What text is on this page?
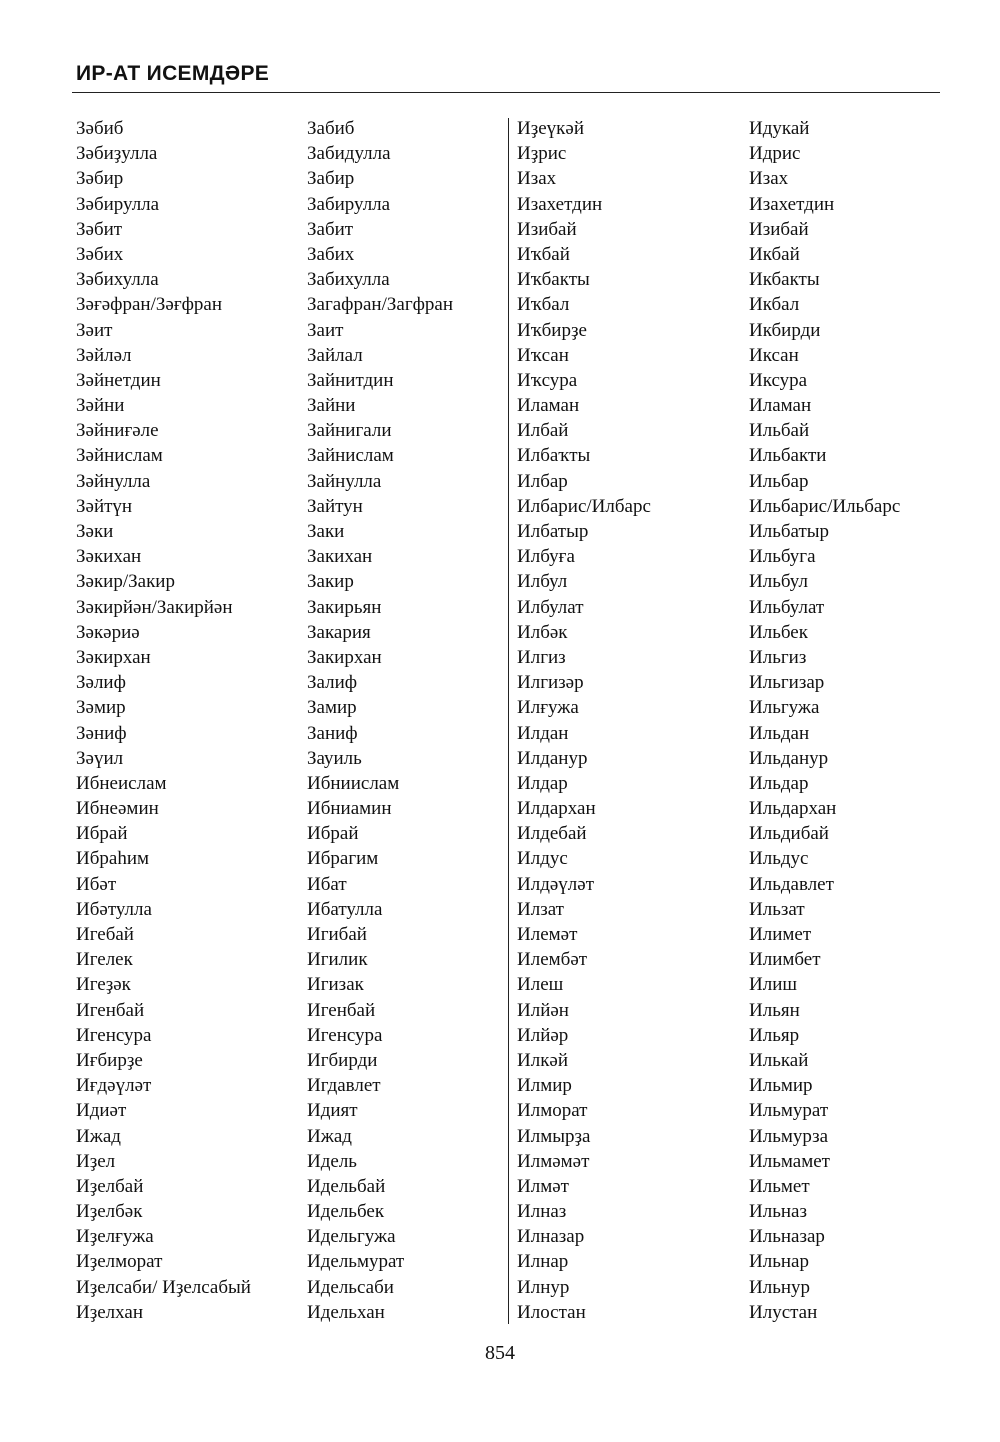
ИР-АТ ИСЕМДӘРЕ
Зәбиб
Зәбиҙулла
Зәбир
Зәбирулла
Зәбит
Зәбих
Зәбихулла
Зәғәфран/Зәғфран
Зәит
Зәйләл
Зәйнетдин
Зәйни
Зәйниғәле
Зәйнислам
Зәйнулла
Зәйтүн
Зәки
Зәкихан
Зәкир/Закир
Зәкирйән/Закирйән
Зәкәриә
Зәкирхан
Зәлиф
Зәмир
Зәниф
Зәүил
Ибнеислам
Ибнеәмин
Ибрай
Ибраһим
Ибәт
Ибәтулла
Игебай
Игелек
Игеҙәк
Игенбай
Игенсура
Иғбирҙе
Иғдәүләт
Идиәт
Ижад
Иҙел
Иҙелбай
Иҙелбәк
Иҙелғужа
Иҙелморат
Иҙелсаби/ Иҙелсабый
Иҙелхан
Забиб
Забидулла
Забир
Забирулла
Забит
Забих
Забихулла
Загафран/Загфран
Заит
Зайлал
Зайнитдин
Зайни
Зайнигали
Зайнислам
Зайнулла
Зайтун
Заки
Закихан
Закир
Закирьян
Закария
Закирхан
Залиф
Замир
Заниф
Зауиль
Ибниислам
Ибниамин
Ибрай
Ибрагим
Ибат
Ибатулла
Игибай
Игилик
Игизак
Игенбай
Игенсура
Игбирди
Игдавлет
Идият
Ижад
Идель
Идельбай
Идельбек
Идельгужа
Идельмурат
Идельсаби
Идельхан
Иҙеүкәй
Иҙрис
Изах
Изахетдин
Изибай
Иҡбай
Иҡбакты
Иҡбал
Иҡбирҙе
Иҡсан
Иҡсура
Иламан
Илбай
Илбаҡты
Илбар
Илбарис/Илбарс
Илбатыр
Илбуға
Илбул
Илбулат
Илбәк
Илгиз
Илгизәр
Илғужа
Илдан
Илданур
Илдар
Илдархан
Илдебай
Илдус
Илдәүләт
Илзат
Илемәт
Илембәт
Илеш
Илйән
Илйәр
Илкәй
Илмир
Илморат
Илмырҙа
Илмәмәт
Илмәт
Илназ
Илназар
Илнар
Илнур
Илостан
Идукай
Идрис
Изах
Изахетдин
Изибай
Икбай
Икбакты
Икбал
Икбирди
Иксан
Иксура
Иламан
Ильбай
Ильбакти
Ильбар
Ильбарис/Ильбарс
Ильбатыр
Ильбуга
Ильбул
Ильбулат
Ильбек
Ильгиз
Ильгизар
Ильгужа
Ильдан
Ильданур
Ильдар
Ильдархан
Ильдибай
Ильдус
Ильдавлет
Ильзат
Илимет
Илимбет
Илиш
Ильян
Ильяр
Илькай
Ильмир
Ильмурат
Ильмурза
Ильмамет
Ильмет
Ильназ
Ильназар
Ильнар
Ильнур
Илустан
854
